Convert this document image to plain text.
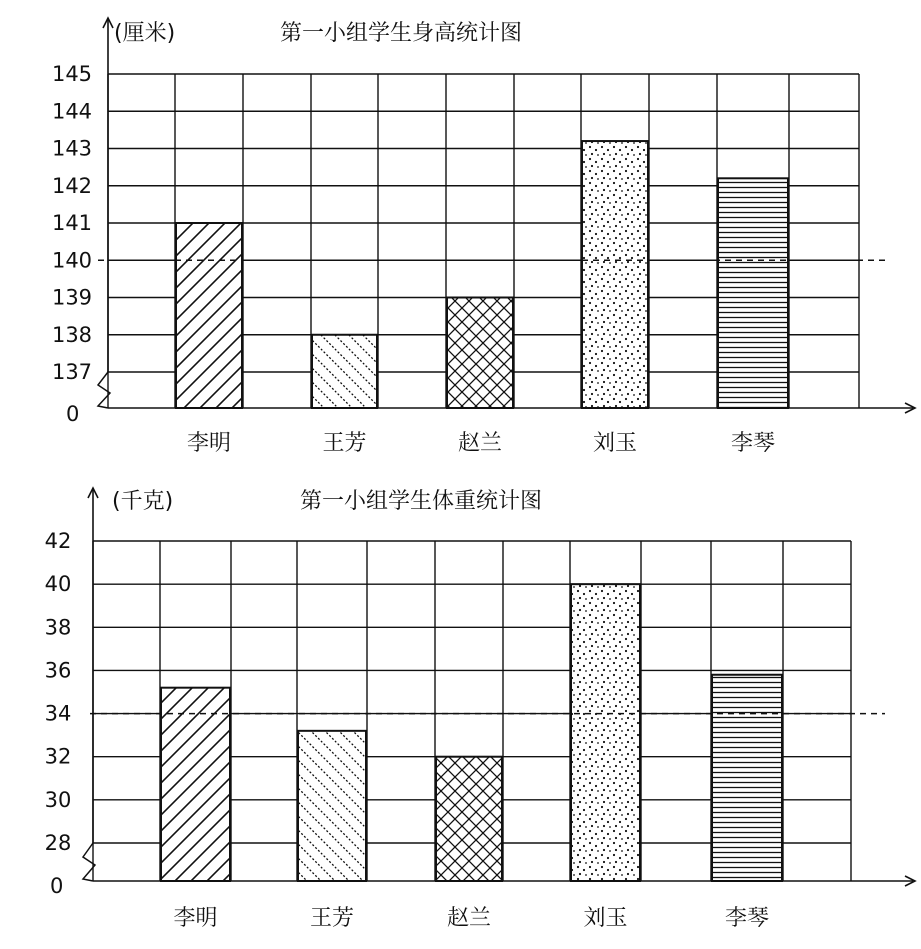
第一小组学生身高统计图
(厘米)
0
137
138
139
140
141
142
143
144
145
李明	王芳	赵兰	刘玉	李琴
第一小组学生体重统计图
(千克)
0
28
30
32
34
36
38
40
42
李明	王芳	赵兰	刘玉	李琴
